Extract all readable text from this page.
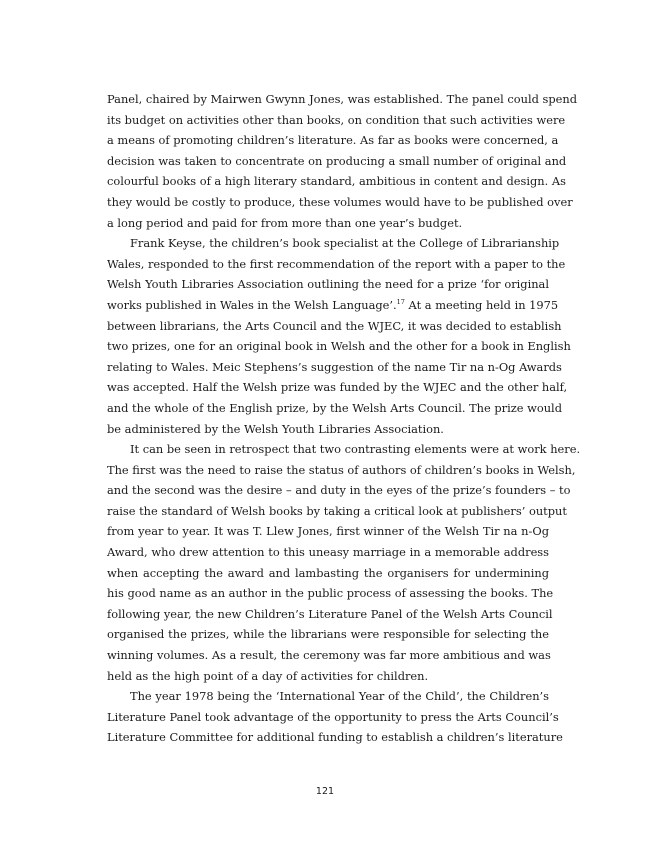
Panel, chaired by Mairwen Gwynn Jones, was established. The panel could spend
its budget on activities other than books, on condition that such activities were
a means of promoting children’s literature. As far as books were concerned, a
decision was taken to concentrate on producing a small number of original and
colourful books of a high literary standard, ambitious in content and design. As
they would be costly to produce, these volumes would have to be published over
a long period and paid for from more than one year’s budget.
Frank Keyse, the children’s book specialist at the College of Librarianship
Wales, responded to the first recommendation of the report with a paper to the
Welsh Youth Libraries Association outlining the need for a prize ‘for original
works published in Wales in the Welsh Language’.$^{17}$ At a meeting held in 1975
between librarians, the Arts Council and the WJEC, it was decided to establish
two prizes, one for an original book in Welsh and the other for a book in English
relating to Wales. Meic Stephens’s suggestion of the name Tir na n-Og Awards
was accepted. Half the Welsh prize was funded by the WJEC and the other half,
and the whole of the English prize, by the Welsh Arts Council. The prize would
be administered by the Welsh Youth Libraries Association.
It can be seen in retrospect that two contrasting elements were at work here.
The first was the need to raise the status of authors of children’s books in Welsh,
and the second was the desire – and duty in the eyes of the prize’s founders – to
raise the standard of Welsh books by taking a critical look at publishers’ output
from year to year. It was T. Llew Jones, first winner of the Welsh Tir na n-Og
Award, who drew attention to this uneasy marriage in a memorable address
when accepting the award and lambasting the organisers for undermining
his good name as an author in the public process of assessing the books. The
following year, the new Children’s Literature Panel of the Welsh Arts Council
organised the prizes, while the librarians were responsible for selecting the
winning volumes. As a result, the ceremony was far more ambitious and was
held as the high point of a day of activities for children.
The year 1978 being the ‘International Year of the Child’, the Children’s
Literature Panel took advantage of the opportunity to press the Arts Council’s
Literature Committee for additional funding to establish a children’s literature
121
